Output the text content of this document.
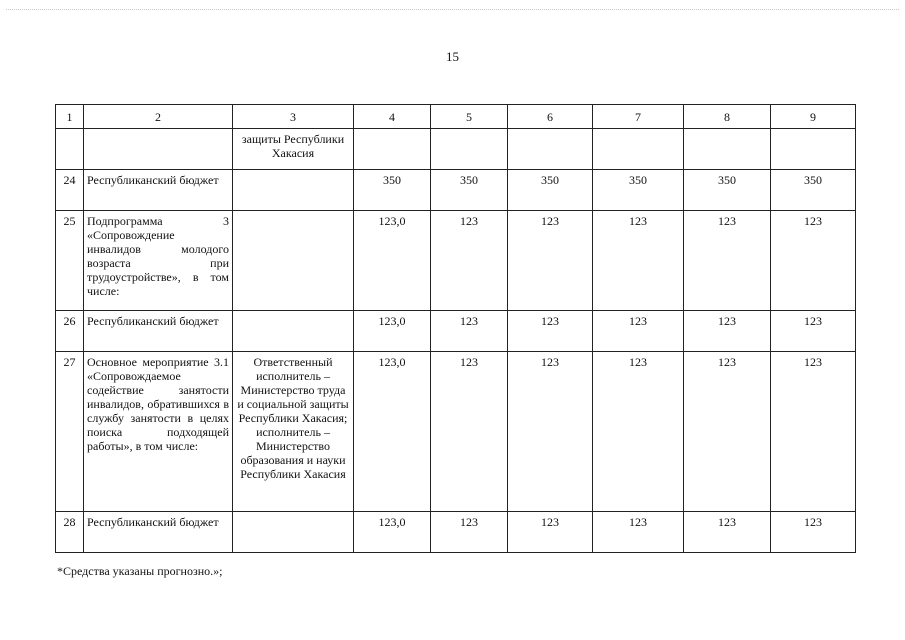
15
1	2	3	4	5	6	7	8	9
		защиты Республики Хакасия						
24	Республиканский бюджет		350	350	350	350	350	350
25	Подпрограмма 3 «Сопровождение инвалидов молодого возраста при трудоустройстве», в том числе:		123,0	123	123	123	123	123
26	Республиканский бюджет		123,0	123	123	123	123	123
27	Основное мероприятие 3.1 «Сопровождаемое содействие занятости инвалидов, обратившихся в службу занятости в целях поиска подходящей работы», в том числе:	Ответственный исполнитель – Министерство труда и социальной защиты Республики Хакасия; исполнитель – Министерство образования и науки Республики Хакасия	123,0	123	123	123	123	123
28	Республиканский бюджет		123,0	123	123	123	123	123
*Средства указаны прогнозно.»;
